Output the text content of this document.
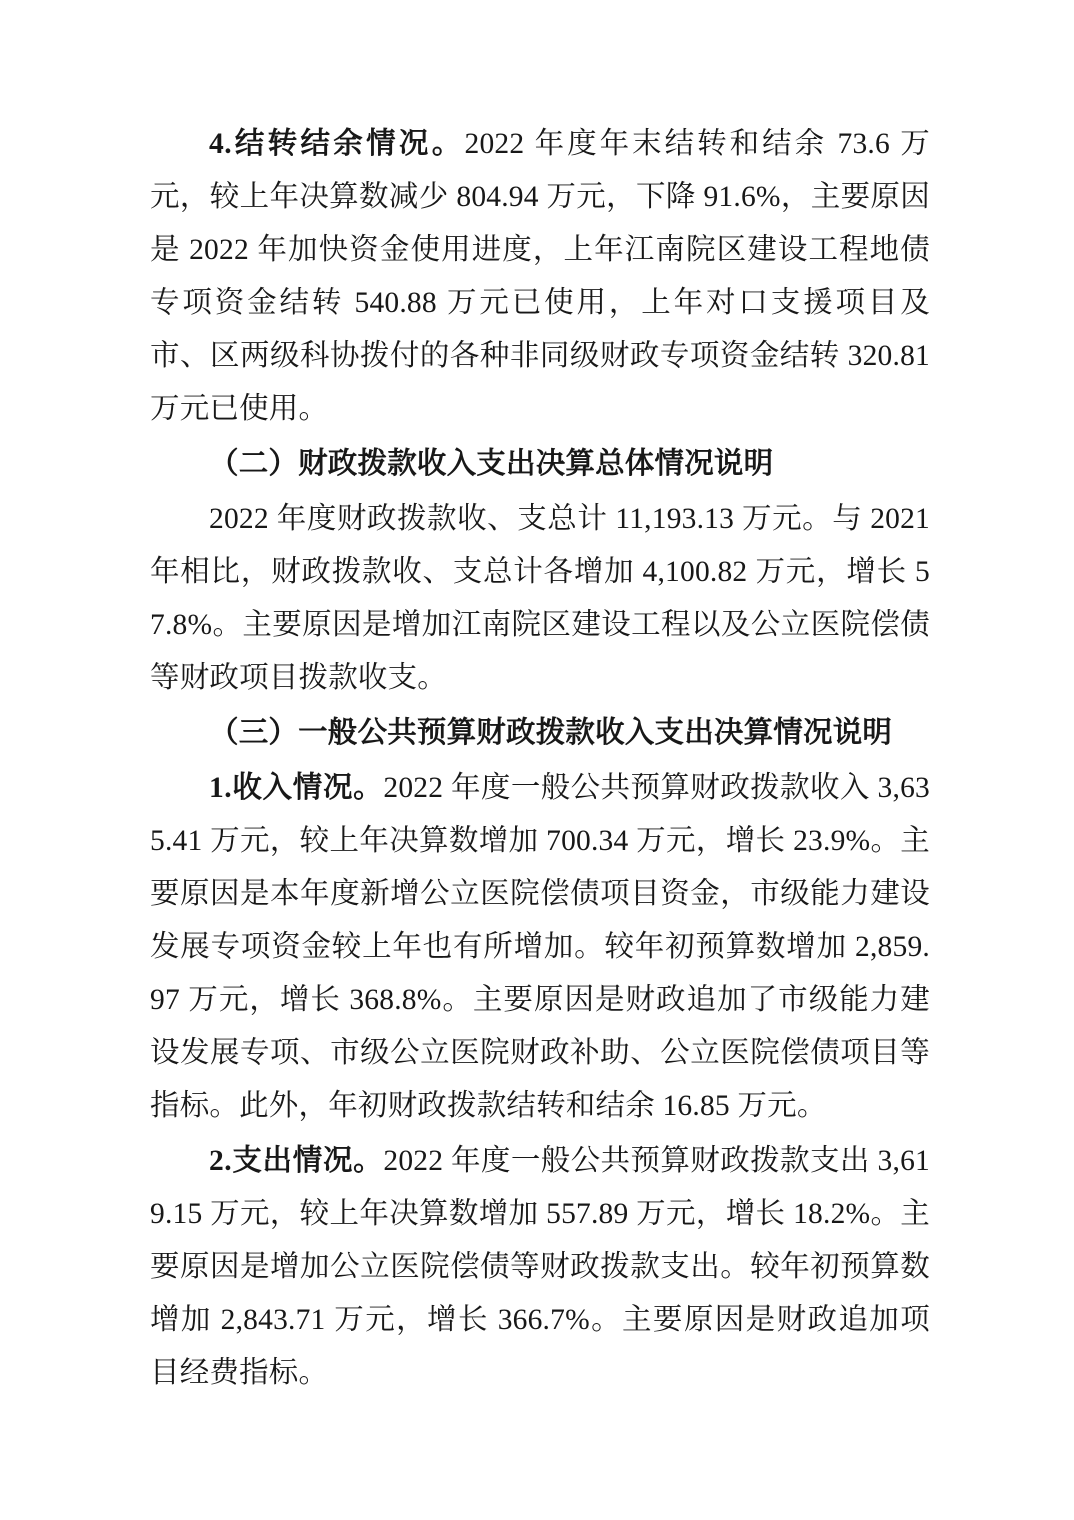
4.结转结余情况。2022 年度年末结转和结余 73.6 万元，较上年决算数减少 804.94 万元，下降 91.6%，主要原因是 2022 年加快资金使用进度，上年江南院区建设工程地债专项资金结转 540.88 万元已使用，上年对口支援项目及市、区两级科协拨付的各种非同级财政专项资金结转 320.81 万元已使用。

（二）财政拨款收入支出决算总体情况说明

2022 年度财政拨款收、支总计 11,193.13 万元。与 2021 年相比，财政拨款收、支总计各增加 4,100.82 万元，增长 57.8%。主要原因是增加江南院区建设工程以及公立医院偿债等财政项目拨款收支。

（三）一般公共预算财政拨款收入支出决算情况说明

1.收入情况。2022 年度一般公共预算财政拨款收入 3,635.41 万元，较上年决算数增加 700.34 万元，增长 23.9%。主要原因是本年度新增公立医院偿债项目资金，市级能力建设发展专项资金较上年也有所增加。较年初预算数增加 2,859.97 万元，增长 368.8%。主要原因是财政追加了市级能力建设发展专项、市级公立医院财政补助、公立医院偿债项目等指标。此外，年初财政拨款结转和结余 16.85 万元。

2.支出情况。2022 年度一般公共预算财政拨款支出 3,619.15 万元，较上年决算数增加 557.89 万元，增长 18.2%。主要原因是增加公立医院偿债等财政拨款支出。较年初预算数增加 2,843.71 万元，增长 366.7%。主要原因是财政追加项目经费指标。
